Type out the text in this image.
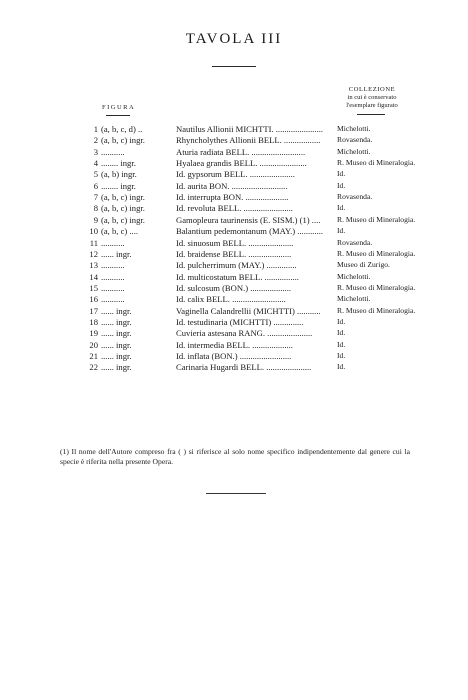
TAVOLA III
FIGURA
COLLEZIONE
in cui è conservato
l'esemplare figurato
1 (a, b, c, d) ..	Nautilus Allionii MICHTTI. ...................... Michelotti.
2 (a, b, c) ingr.	Rhyncholythes Allionii BELL. ................. Rovasenda.
3 ...........	Aturia radiata BELL. .........................	Michelotti.
4 ........ ingr.	Hyalaea grandis BELL. ......................	R. Museo di Mineralogia.
5 (a, b) ingr.	Id. gypsorum BELL. .....................	Id.
6 ........ ingr.	Id. aurita BON. ..........................	Id.
7 (a, b, c) ingr.	Id. interrupta BON. ....................	Rovasenda.
8 (a, b, c) ingr.	Id. revoluta BELL. .......................	Id.
9 (a, b, c) ingr.	Gamopleura taurinensis (E. SISM.) (1) .... R. Museo di Mineralogia.
10 (a, b, c) ....	Balantium pedemontanum (MAY.) ............ Id.
11 ...........	Id. sinuosum BELL. .....................	Rovasenda.
12 ...... ingr.	Id. braidense BELL. ....................	R. Museo di Mineralogia.
13 ...........	Id. pulcherrimum (MAY.) ..............	Museo di Zurigo.
14 ...........	Id. multicostatum BELL. ................	Michelotti.
15 ...........	Id. sulcosum (BON.) ...................	R. Museo di Mineralogia.
16 ...........	Id. calix BELL. .........................	Michelotti.
17 ...... ingr.	Vaginella Calandrellii (MICHTTI) ........... R. Museo di Mineralogia.
18 ...... ingr.	Id. testudinaria (MICHTTI) ..............	Id.
19 ...... ingr.	Cuvieria astesana RANG. .....................	Id.
20 ...... ingr.	Id. intermedia BELL. ...................	Id.
21 ...... ingr.	Id. inflata (BON.) ........................	Id.
22 ...... ingr.	Carinaria Hugardi BELL. .....................	Id.
(1) Il nome dell'Autore compreso fra ( ) si riferisce al solo nome specifico indipendentemente dal genere cui la specie è riferita nella presente Opera.
